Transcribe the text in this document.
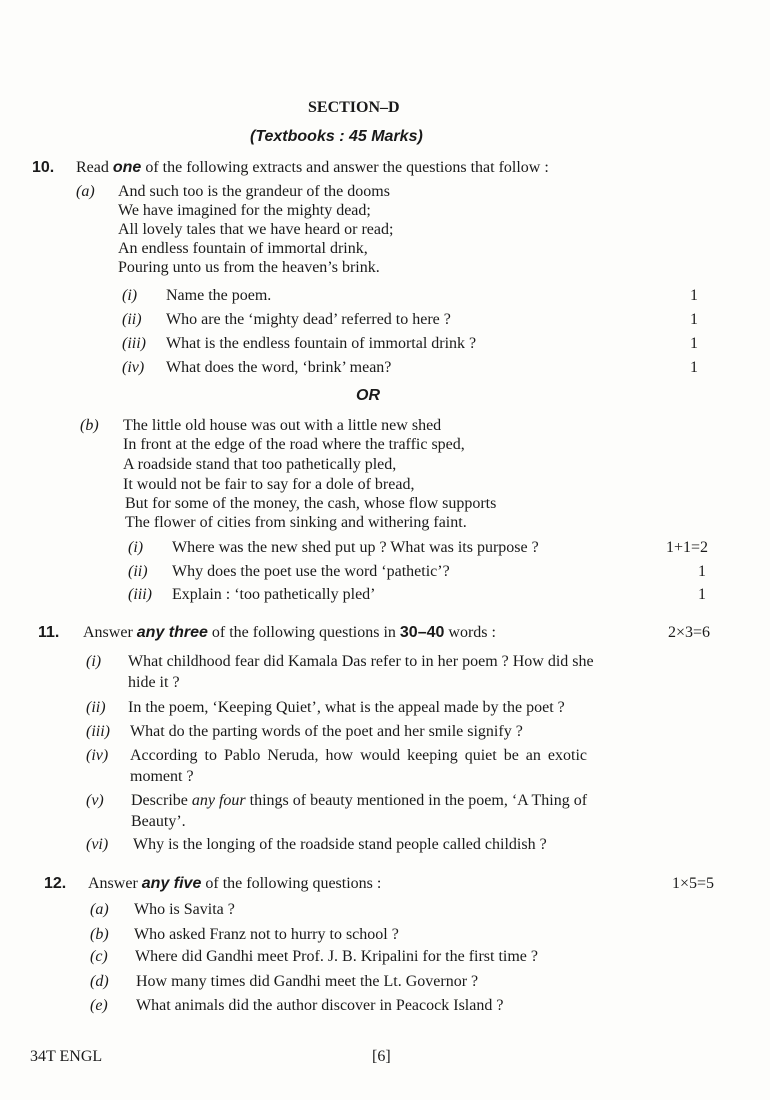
SECTION–D
(Textbooks : 45 Marks)
10. Read one of the following extracts and answer the questions that follow :
(a) And such too is the grandeur of the dooms
We have imagined for the mighty dead;
All lovely tales that we have heard or read;
An endless fountain of immortal drink,
Pouring unto us from the heaven’s brink.
(i) Name the poem.	1
(ii) Who are the ‘mighty dead’ referred to here ?	1
(iii) What is the endless fountain of immortal drink ?	1
(iv) What does the word, ‘brink’ mean?	1
OR
(b) The little old house was out with a little new shed
In front at the edge of the road where the traffic sped,
A roadside stand that too pathetically pled,
It would not be fair to say for a dole of bread,
But for some of the money, the cash, whose flow supports
The flower of cities from sinking and withering faint.
(i) Where was the new shed put up ? What was its purpose ?	1+1=2
(ii) Why does the poet use the word ‘pathetic’?	1
(iii) Explain : ‘too pathetically pled’	1
11. Answer any three of the following questions in 30–40 words :	2×3=6
(i) What childhood fear did Kamala Das refer to in her poem ? How did she
hide it ?
(ii) In the poem, ‘Keeping Quiet’, what is the appeal made by the poet ?
(iii) What do the parting words of the poet and her smile signify ?
(iv) According to Pablo Neruda, how would keeping quiet be an exotic
moment ?
(v) Describe any four things of beauty mentioned in the poem, ‘A Thing of
Beauty’.
(vi) Why is the longing of the roadside stand people called childish ?
12. Answer any five of the following questions :	1×5=5
(a) Who is Savita ?
(b) Who asked Franz not to hurry to school ?
(c) Where did Gandhi meet Prof. J. B. Kripalini for the first time ?
(d) How many times did Gandhi meet the Lt. Governor ?
(e) What animals did the author discover in Peacock Island ?
34T ENGL	[6]
